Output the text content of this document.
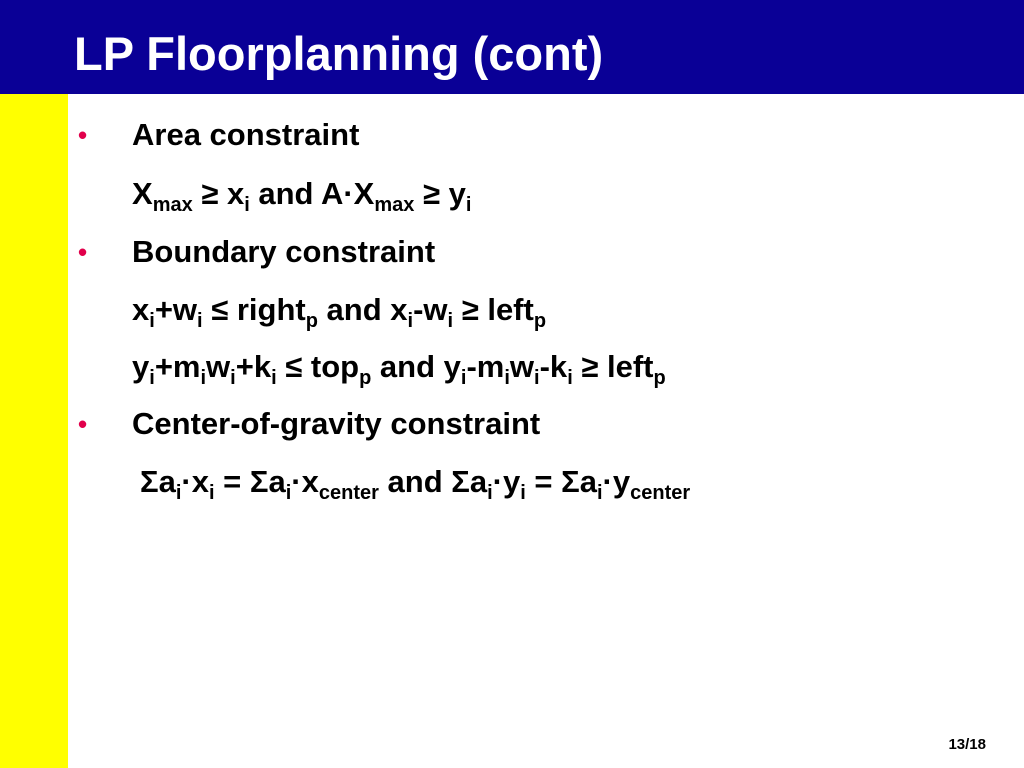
LP Floorplanning (cont)
• Area constraint
$X_{max} \ge x_i$ and $A\cdot X_{max} \ge y_i$
• Boundary constraint
$x_i+w_i$ ≤ right$_p$ and $x_i-w_i$ ≥ left$_p$
$y_i+m_iw_i+k_i \le top_p$ and $y_i-m_iw_i-k_i$ ≥ left$_p$
• Center-of-gravity constraint
$\Sigma a_i\cdot x_i = \Sigma a_i\cdot x_{center}$ and $\Sigma a_i\cdot y_i = \Sigma a_i\cdot y_{center}$
13/18
